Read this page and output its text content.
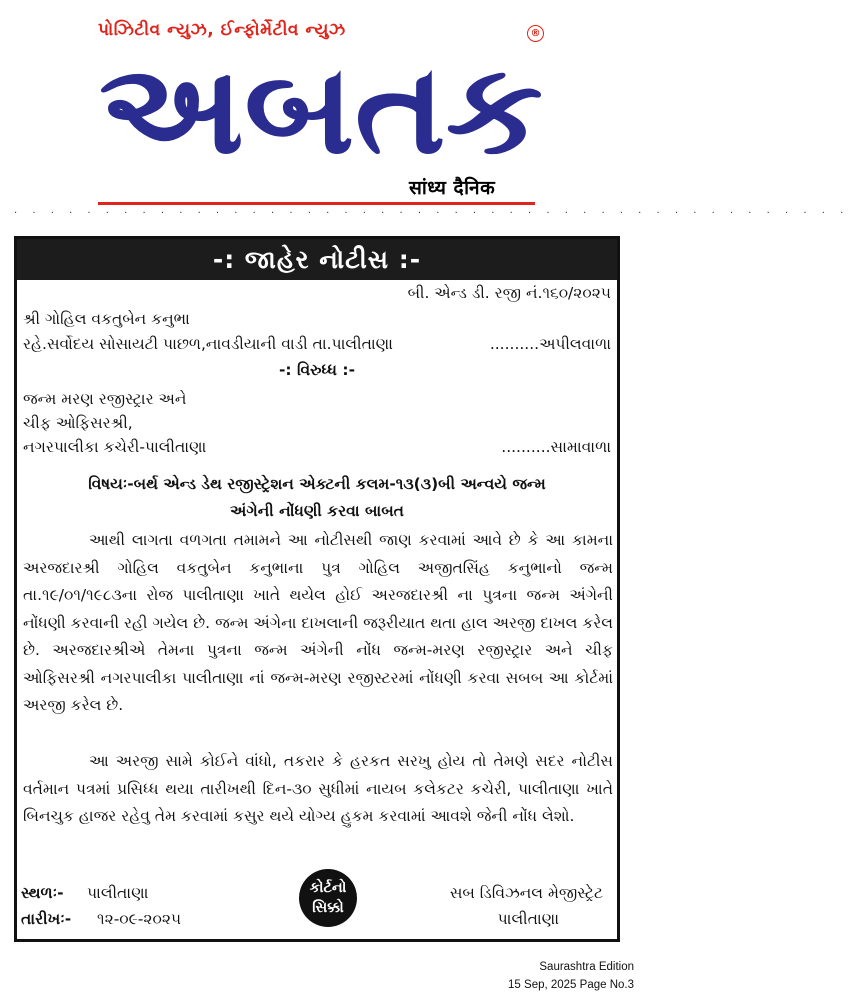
પોઝિટીવ ન્યુઝ, ઈન્ફોર્મેટીવ ન્યુઝ	®
અબતક
सांध्य दैनिक
· · · · · · · · · · · · · · · · · · · · · · · · · · · · · · · · · · · · · · · · · · · · · ·
-: જાહેર નોટીસ :-
બી. એન્ડ ડી. રજી નં.૧૬૦/૨૦૨૫
શ્રી ગોહિલ વકતુબેન કનુભા
રહે.સર્વોદય સોસાયટી પાછળ,નાવડીયાની વાડી તા.પાલીતાણા	..........અપીલવાળા
-: વિરુધ્ધ :-
જન્મ મરણ રજીસ્ટ્રાર અને
ચીફ ઓફિસરશ્રી,
નગરપાલીકા કચેરી-પાલીતાણા	..........સામાવાળા
વિષયઃ-બર્થ એન્ડ ડેથ રજીસ્ટ્રેશન એક્ટની કલમ-૧૩(૩)બી અન્વયે જન્મ
અંગેની નોંધણી કરવા બાબત
આથી લાગતા વળગતા તમામને આ નોટીસથી જાણ કરવામાં આવે છે કે આ કામના અરજદારશ્રી ગોહિલ વકતુબેન કનુભાના પુત્ર ગોહિલ અજીતસિંહ કનુભાનો જન્મ તા.૧૯/૦૧/૧૯૮૩ના રોજ પાલીતાણા ખાતે થયેલ હોઈ અરજદારશ્રી ના પુત્રના જન્મ અંગેની નોંધણી કરવાની રહી ગયેલ છે. જન્મ અંગેના દાખલાની જરૂરીયાત થતા હાલ અરજી દાખલ કરેલ છે. અરજદારશ્રીએ તેમના પુત્રના જન્મ અંગેની નોંધ જન્મ-મરણ રજીસ્ટ્રાર અને ચીફ ઓફિસરશ્રી નગરપાલીકા પાલીતાણા નાં જન્મ-મરણ રજીસ્ટરમાં નોંધણી કરવા સબબ આ કોર્ટમાં અરજી કરેલ છે.
આ અરજી સામે કોઈને વાંધો, તકરાર કે હરકત સરખુ હોય તો તેમણે સદર નોટીસ વર્તમાન પત્રમાં પ્રસિધ્ધ થયા તારીખથી દિન-૩૦ સુધીમાં નાયબ કલેકટર કચેરી, પાલીતાણા ખાતે બિનચુક હાજર રહેવુ તેમ કરવામાં કસુર થયે યોગ્ય હુકમ કરવામાં આવશે જેની નોંધ લેશો.
સ્થળઃ- પાલીતાણા
તારીખઃ- ૧૨-૦૯-૨૦૨૫
કોર્ટનો
સિક્કો
સબ ડિવિઝનલ મેજીસ્ટ્રેટ
પાલીતાણા
Saurashtra Edition
15 Sep, 2025 Page No.3
